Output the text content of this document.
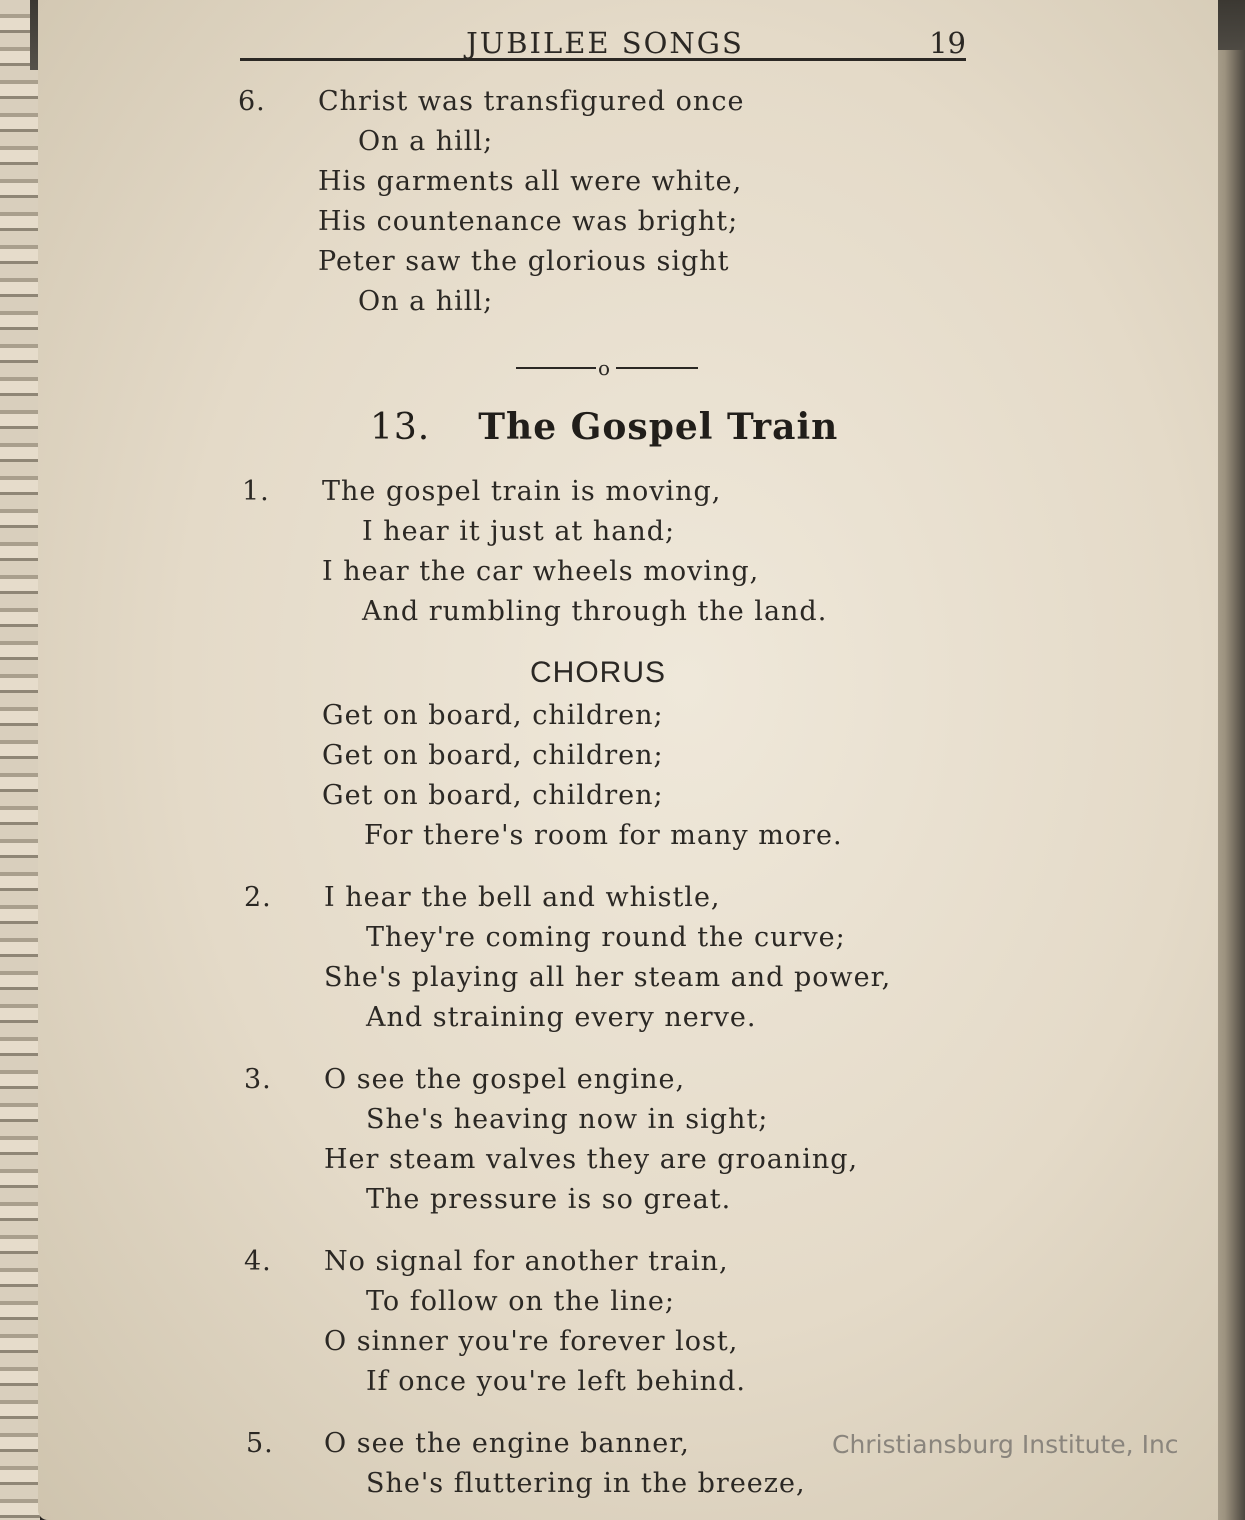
JUBILEE SONGS	19
6. Christ was transfigured once
On a hill;
His garments all were white,
His countenance was bright;
Peter saw the glorious sight
On a hill;
o
13. The Gospel Train
1. The gospel train is moving,
I hear it just at hand;
I hear the car wheels moving,
And rumbling through the land.
CHORUS
Get on board, children;
Get on board, children;
Get on board, children;
For there's room for many more.
2. I hear the bell and whistle,
They're coming round the curve;
She's playing all her steam and power,
And straining every nerve.
3. O see the gospel engine,
She's heaving now in sight;
Her steam valves they are groaning,
The pressure is so great.
4. No signal for another train,
To follow on the line;
O sinner you're forever lost,
If once you're left behind.
5. O see the engine banner,
She's fluttering in the breeze,
Christiansburg Institute, Inc
